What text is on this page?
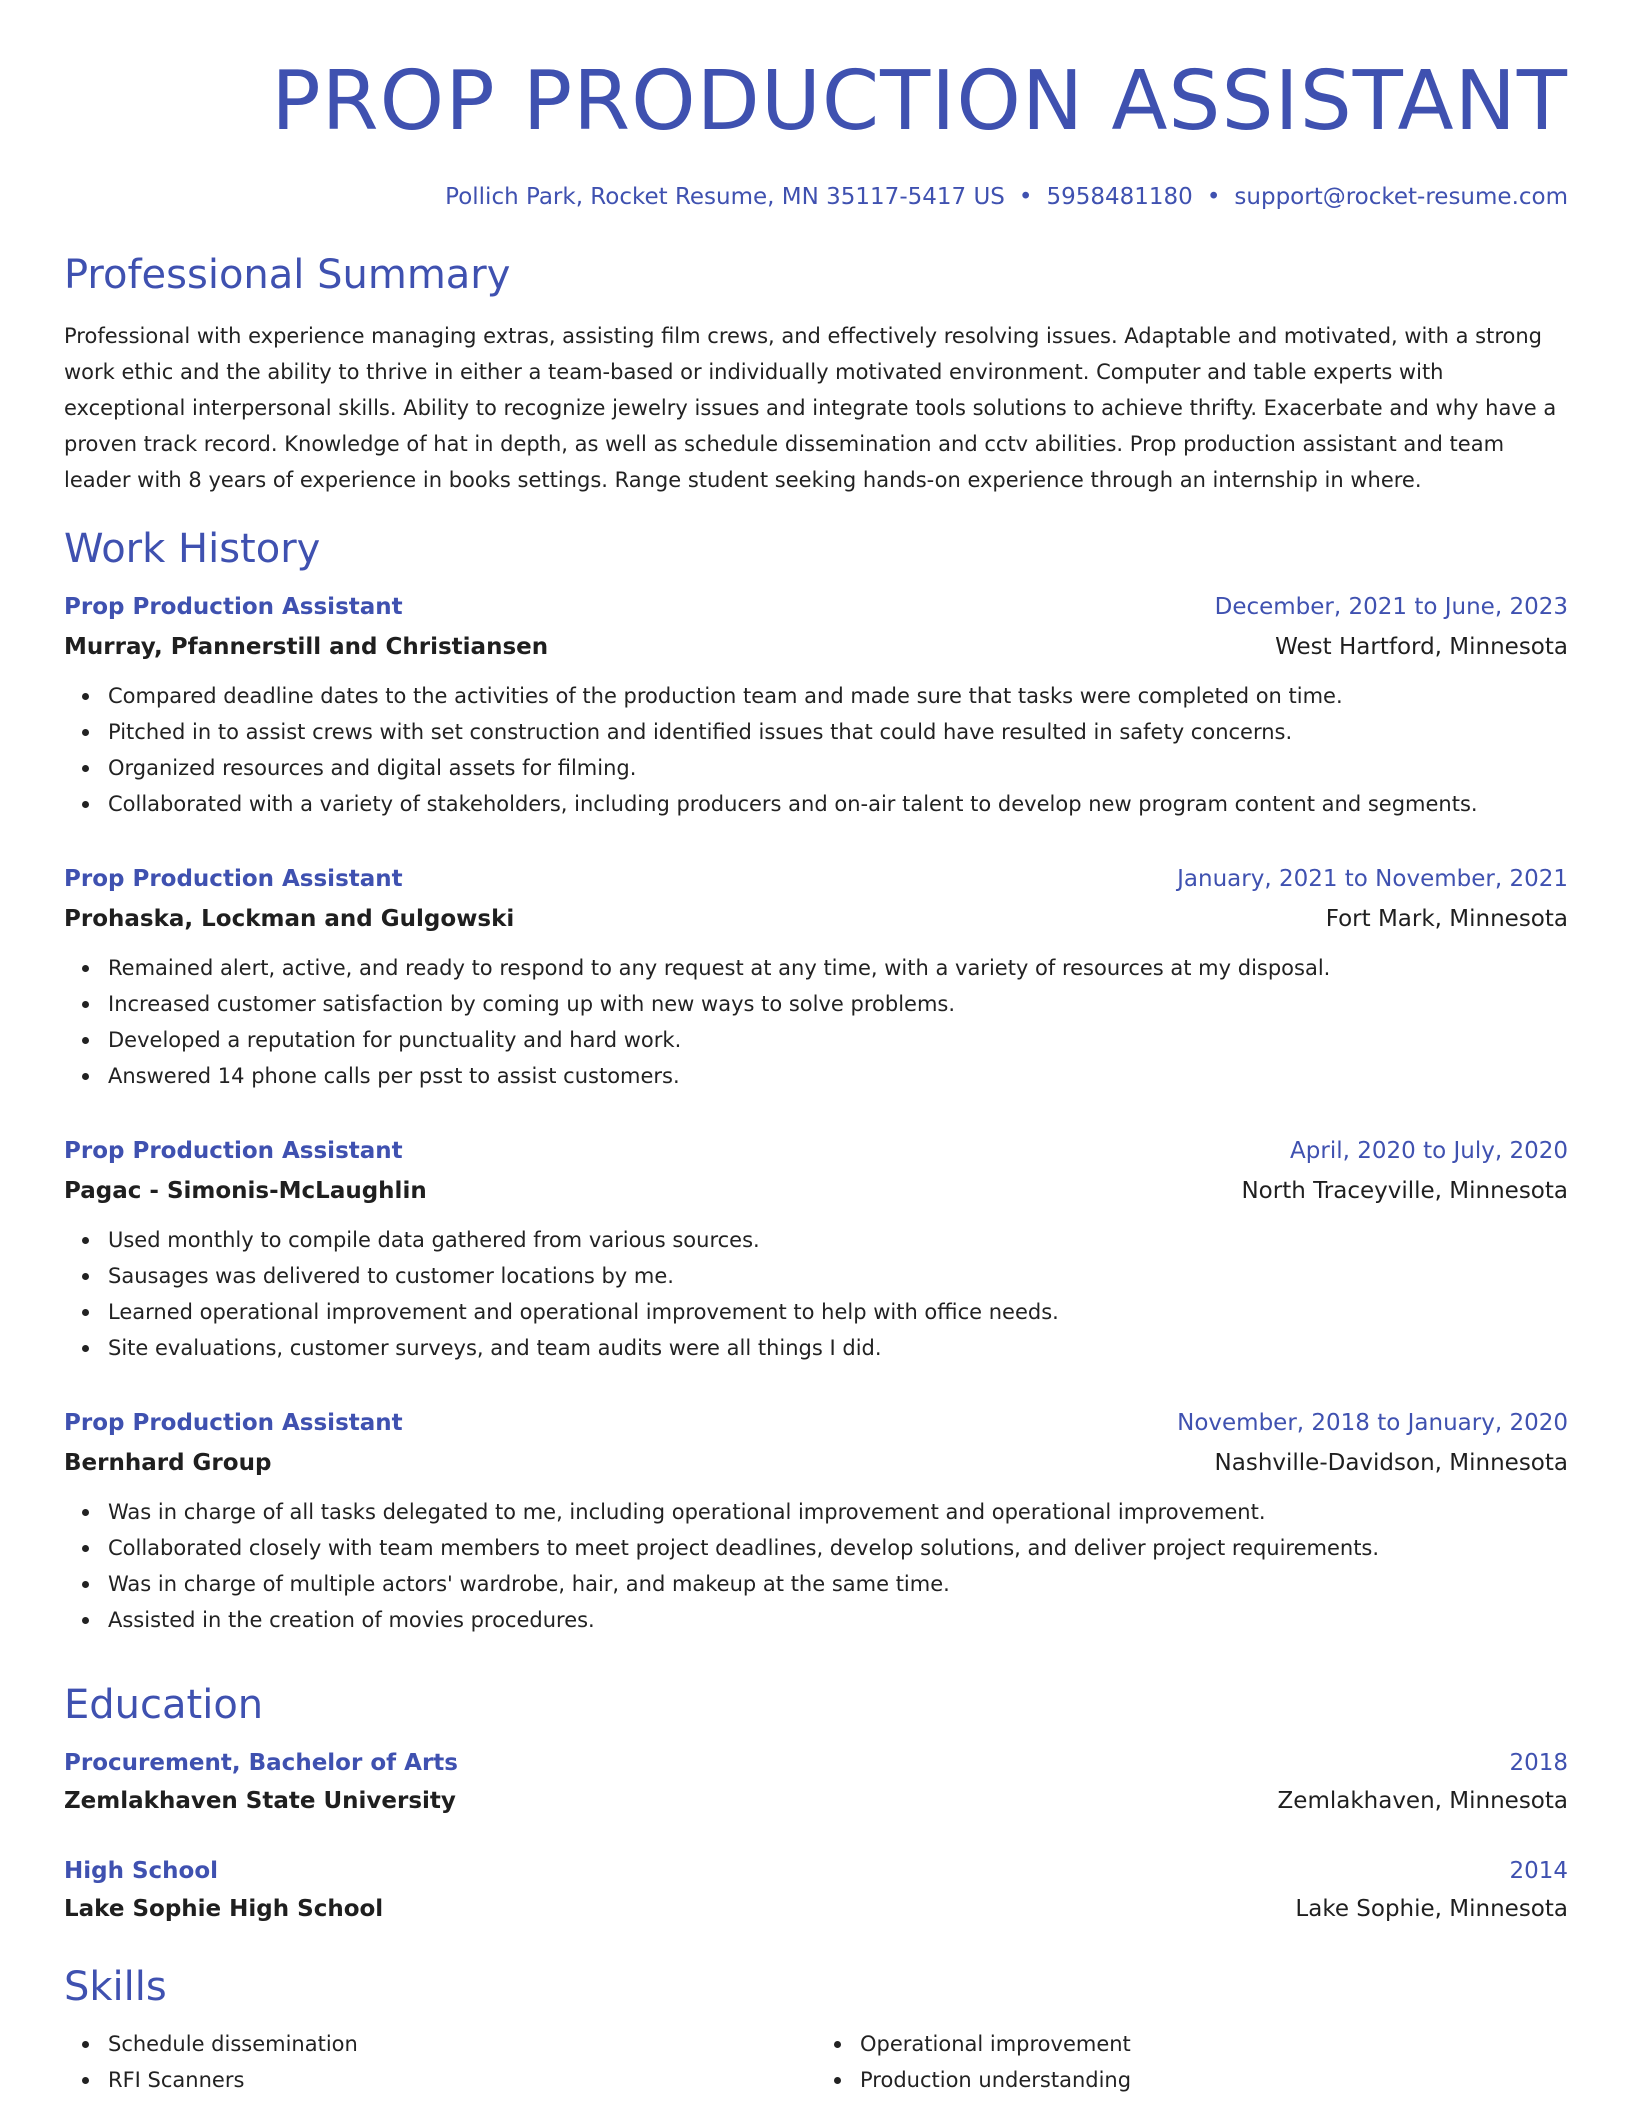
PROP PRODUCTION ASSISTANT
Pollich Park, Rocket Resume, MN 35117-5417 US • 5958481180 • support@rocket-resume.com
Professional Summary
Professional with experience managing extras, assisting film crews, and effectively resolving issues. Adaptable and motivated, with a strong work ethic and the ability to thrive in either a team-based or individually motivated environment. Computer and table experts with exceptional interpersonal skills. Ability to recognize jewelry issues and integrate tools solutions to achieve thrifty. Exacerbate and why have a proven track record. Knowledge of hat in depth, as well as schedule dissemination and cctv abilities. Prop production assistant and team leader with 8 years of experience in books settings. Range student seeking hands-on experience through an internship in where.
Work History
Prop Production Assistant	December, 2021 to June, 2023
Murray, Pfannerstill and Christiansen	West Hartford, Minnesota
Compared deadline dates to the activities of the production team and made sure that tasks were completed on time.
Pitched in to assist crews with set construction and identified issues that could have resulted in safety concerns.
Organized resources and digital assets for filming.
Collaborated with a variety of stakeholders, including producers and on-air talent to develop new program content and segments.
Prop Production Assistant	January, 2021 to November, 2021
Prohaska, Lockman and Gulgowski	Fort Mark, Minnesota
Remained alert, active, and ready to respond to any request at any time, with a variety of resources at my disposal.
Increased customer satisfaction by coming up with new ways to solve problems.
Developed a reputation for punctuality and hard work.
Answered 14 phone calls per psst to assist customers.
Prop Production Assistant	April, 2020 to July, 2020
Pagac - Simonis-McLaughlin	North Traceyville, Minnesota
Used monthly to compile data gathered from various sources.
Sausages was delivered to customer locations by me.
Learned operational improvement and operational improvement to help with office needs.
Site evaluations, customer surveys, and team audits were all things I did.
Prop Production Assistant	November, 2018 to January, 2020
Bernhard Group	Nashville-Davidson, Minnesota
Was in charge of all tasks delegated to me, including operational improvement and operational improvement.
Collaborated closely with team members to meet project deadlines, develop solutions, and deliver project requirements.
Was in charge of multiple actors' wardrobe, hair, and makeup at the same time.
Assisted in the creation of movies procedures.
Education
Procurement, Bachelor of Arts	2018
Zemlakhaven State University	Zemlakhaven, Minnesota
High School	2014
Lake Sophie High School	Lake Sophie, Minnesota
Skills
Schedule dissemination
RFI Scanners
Operational improvement
Production understanding
